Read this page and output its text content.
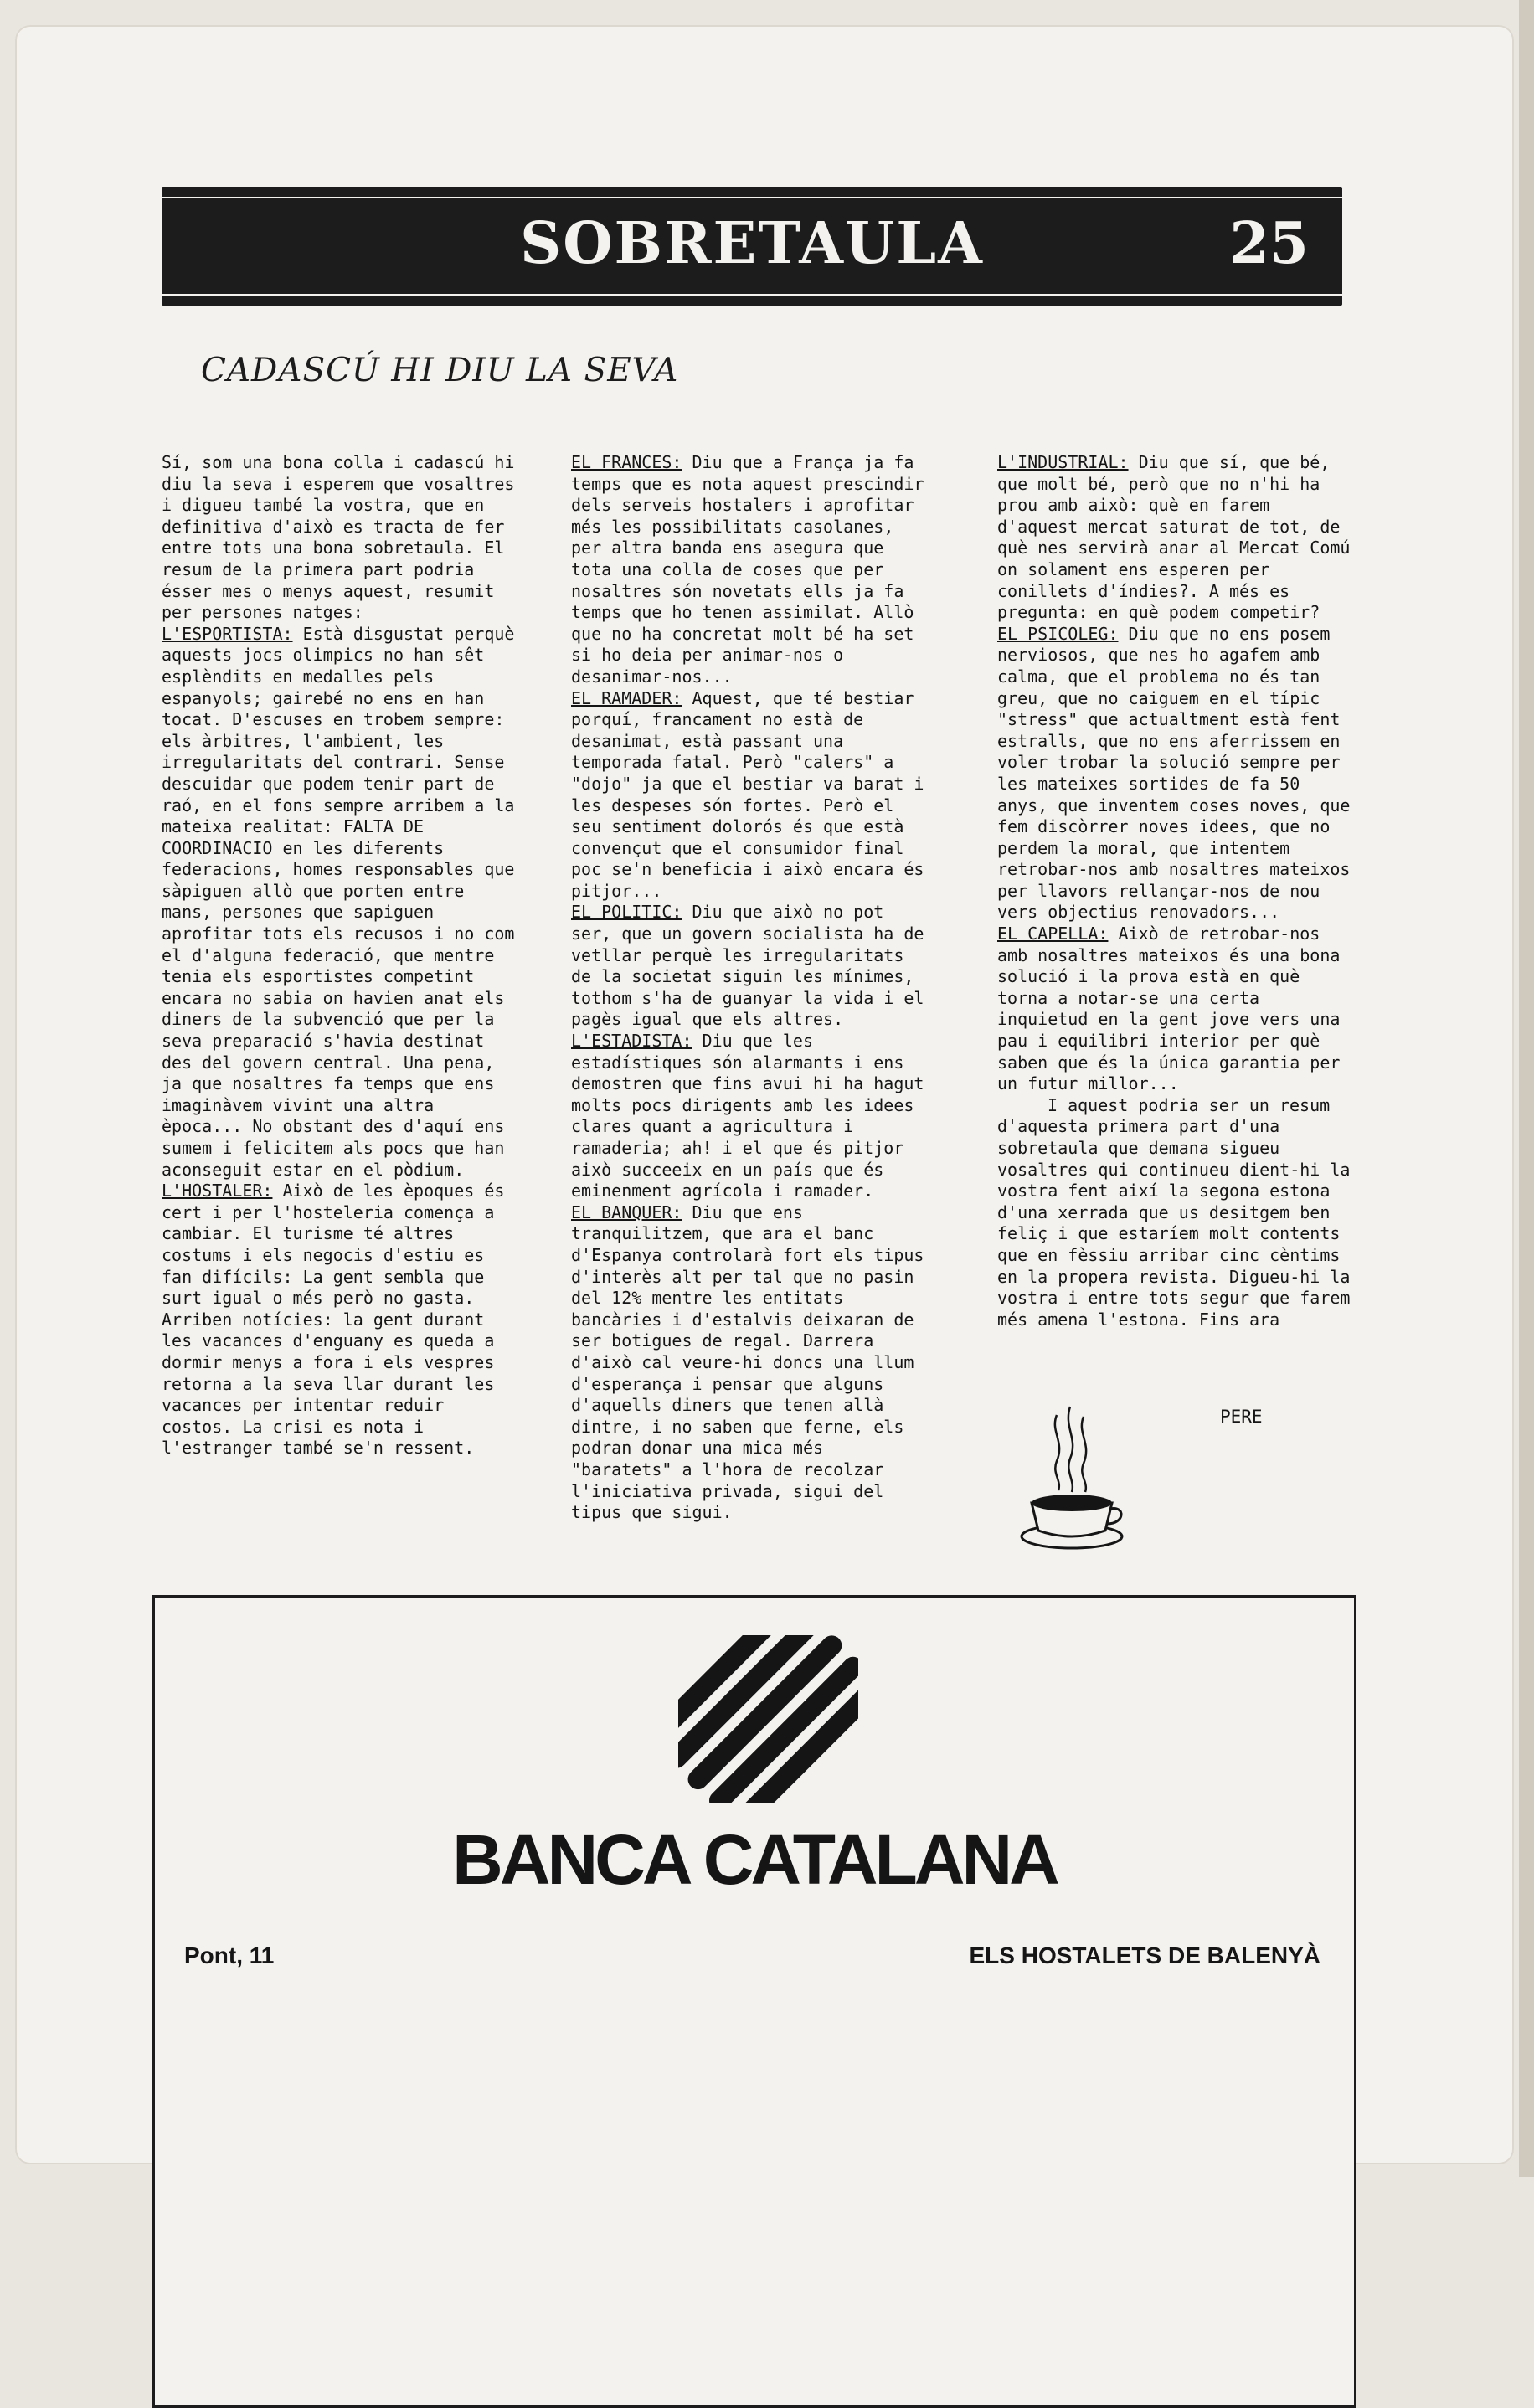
SOBRETAULA	25
CADASCÚ HI DIU LA SEVA

Sí, som una bona colla i cadascú hi diu la seva i esperem que vosaltres i digueu també la vostra, que en definitiva d'això es tracta de fer entre tots una bona sobretaula. El resum de la primera part podria ésser mes o menys aquest, resumit per persones natges:

L'ESPORTISTA: Està disgustat perquè aquests jocs olimpics no han sêt esplèndits en medalles pels espanyols; gairebé no ens en han tocat. D'escuses en trobem sempre: els àrbitres, l'ambient, les irregularitats del contrari. Sense descuidar que podem tenir part de raó, en el fons sempre arribem a la mateixa realitat: FALTA DE COORDINACIO en les diferents federacions, homes responsables que sàpiguen allò que porten entre mans, persones que sapiguen aprofitar tots els recusos i no com el d'alguna federació, que mentre tenia els esportistes competint encara no sabia on havien anat els diners de la subvenció que per la seva preparació s'havia destinat des del govern central. Una pena, ja que nosaltres fa temps que ens imaginàvem vivint una altra època... No obstant des d'aquí ens sumem i felicitem als pocs que han aconseguit estar en el pòdium.

L'HOSTALER: Això de les èpoques és cert i per l'hosteleria comença a cambiar. El turisme té altres costums i els negocis d'estiu es fan difícils: La gent sembla que surt igual o més però no gasta. Arriben notícies: la gent durant les vacances d'enguany es queda a dormir menys a fora i els vespres retorna a la seva llar durant les vacances per intentar reduir costos. La crisi es nota i l'estranger també se'n ressent.

EL FRANCES: Diu que a França ja fa temps que es nota aquest prescindir dels serveis hostalers i aprofitar més les possibilitats casolanes, per altra banda ens asegura que tota una colla de coses que per nosaltres són novetats ells ja fa temps que ho tenen assimilat. Allò que no ha concretat molt bé ha set si ho deia per animar-nos o desanimar-nos...

EL RAMADER: Aquest, que té bestiar porquí, francament no està de desanimat, està passant una temporada fatal. Però "calers" a "dojo" ja que el bestiar va barat i les despeses són fortes. Però el seu sentiment dolorós és que està convençut que el consumidor final poc se'n beneficia i això encara és pitjor...

EL POLITIC: Diu que això no pot ser, que un govern socialista ha de vetllar perquè les irregularitats de la societat siguin les mínimes, tothom s'ha de guanyar la vida i el pagès igual que els altres.

L'ESTADISTA: Diu que les estadístiques són alarmants i ens demostren que fins avui hi ha hagut molts pocs dirigents amb les idees clares quant a agricultura i ramaderia; ah! i el que és pitjor això succeeix en un país que és eminenment agrícola i ramader.

EL BANQUER: Diu que ens tranquilitzem, que ara el banc d'Espanya controlarà fort els tipus d'interès alt per tal que no pasin del 12% mentre les entitats bancàries i d'estalvis deixaran de ser botigues de regal. Darrera d'això cal veure-hi doncs una llum d'esperança i pensar que alguns d'aquells diners que tenen allà dintre, i no saben que ferne, els podran donar una mica més "baratets" a l'hora de recolzar l'iniciativa privada, sigui del tipus que sigui.

L'INDUSTRIAL: Diu que sí, que bé, que molt bé, però que no n'hi ha prou amb això: què en farem d'aquest mercat saturat de tot, de què nes servirà anar al Mercat Comú on solament ens esperen per conillets d'índies?. A més es pregunta: en què podem competir?

EL PSICOLEG: Diu que no ens posem nerviosos, que nes ho agafem amb calma, que el problema no és tan greu, que no caiguem en el típic "stress" que actualtment està fent estralls, que no ens aferrissem en voler trobar la solució sempre per les mateixes sortides de fa 50 anys, que inventem coses noves, que fem discòrrer noves idees, que no perdem la moral, que intentem retrobar-nos amb nosaltres mateixos per llavors rellançar-nos de nou vers objectius renovadors...

EL CAPELLA: Això de retrobar-nos amb nosaltres mateixos és una bona solució i la prova està en què torna a notar-se una certa inquietud en la gent jove vers una pau i equilibri interior per què saben que és la única garantia per un futur millor...

I aquest podria ser un resum d'aquesta primera part d'una sobretaula que demana sigueu vosaltres qui continueu dient-hi la vostra fent així la segona estona d'una xerrada que us desitgem ben feliç i que estaríem molt contents que en fèssiu arribar cinc cèntims en la propera revista. Digueu-hi la vostra i entre tots segur que farem més amena l'estona. Fins ara

PERE
BANCA CATALANA
Pont, 11	ELS HOSTALETS DE BALENYÀ
